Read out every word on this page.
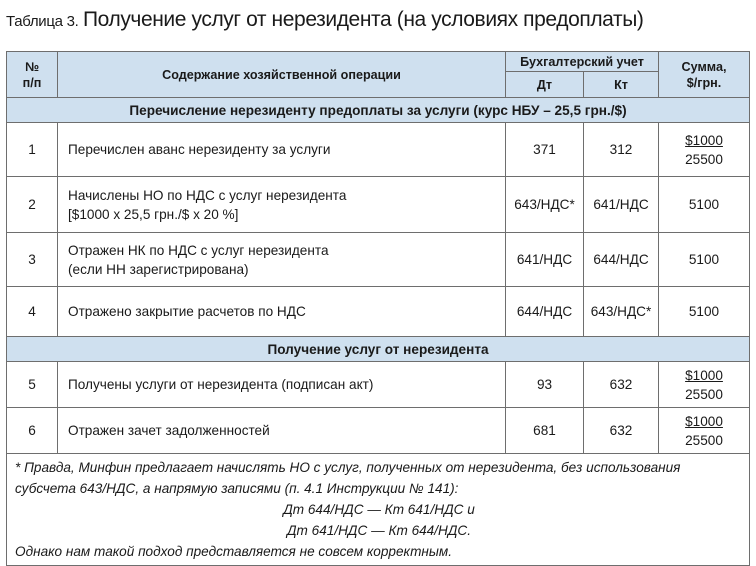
Таблица 3. Получение услуг от нерезидента (на условиях предоплаты)
№
п/п	Содержание хозяйственной операции	Бухгалтерский учет		Сумма,
$/грн.
		Дт	Кт	
Перечисление нерезиденту предоплаты за услуги (курс НБУ – 25,5 грн./$)				
1	Перечислен аванс нерезиденту за услуги	371	312	$1000
25500

2	Начислены НО по НДС с услуг нерезидента
[$1000 х 25,5 грн./$ х 20 %]	643/НДС*	641/НДС	5100

3	Отражен НК по НДС с услуг нерезидента
(если НН зарегистрирована)	641/НДС	644/НДС	5100

4	Отражено закрытие расчетов по НДС	644/НДС	643/НДС*	5100

Получение услуг от нерезидента				
5	Получены услуги от нерезидента (подписан акт)	93	632	$1000
25500

6	Отражен зачет задолженностей	681	632	$1000
25500

* Правда, Минфин предлагает начислять НО с услуг, полученных от нерезидента, без использования
субсчета 643/НДС, а напрямую записями (п. 4.1 Инструкции № 141):
Дт 644/НДС — Кт 641/НДС и
Дт 641/НДС — Кт 644/НДС.
Однако нам такой подход представляется не совсем корректным.				
